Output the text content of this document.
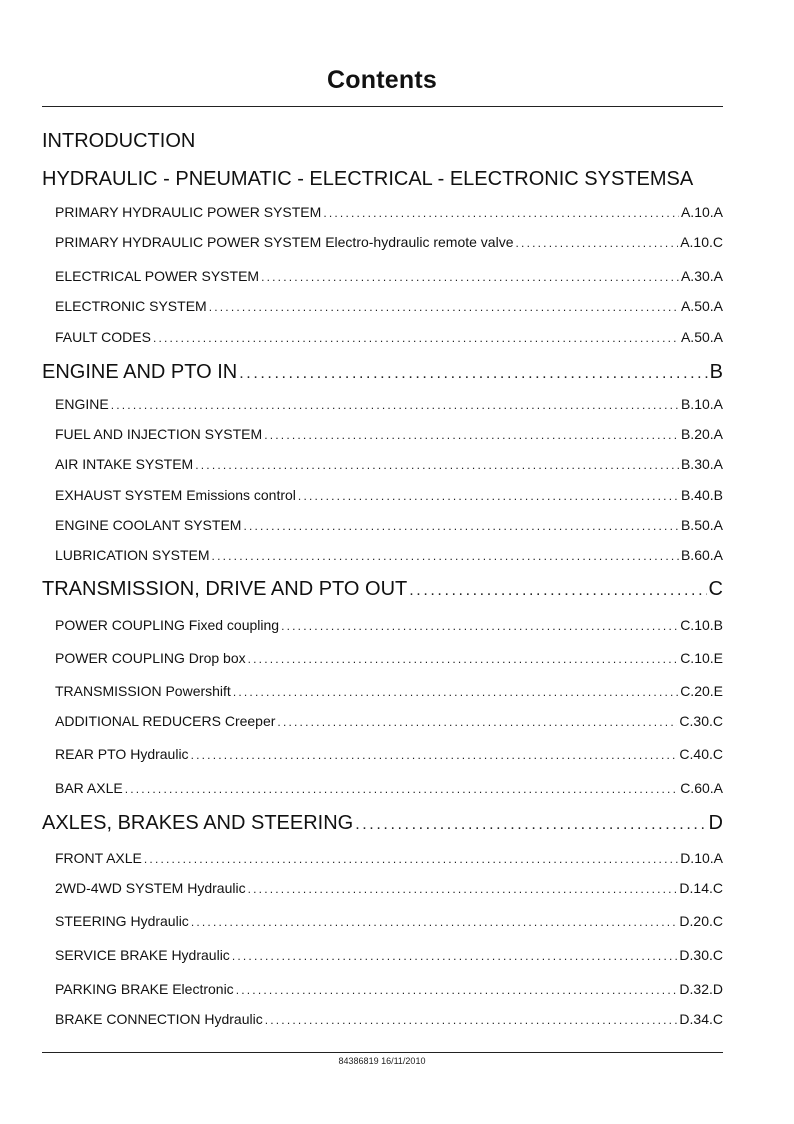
Contents
INTRODUCTION
HYDRAULIC - PNEUMATIC - ELECTRICAL - ELECTRONIC SYSTEMS A
PRIMARY HYDRAULIC POWER SYSTEM .....	A.10.A
PRIMARY HYDRAULIC POWER SYSTEM Electro-hydraulic remote valve .....	A.10.C
ELECTRICAL POWER SYSTEM .....	A.30.A
ELECTRONIC SYSTEM .....	A.50.A
FAULT CODES .....	A.50.A
ENGINE AND PTO IN .....	B
ENGINE .....	B.10.A
FUEL AND INJECTION SYSTEM .....	B.20.A
AIR INTAKE SYSTEM .....	B.30.A
EXHAUST SYSTEM Emissions control .....	B.40.B
ENGINE COOLANT SYSTEM .....	B.50.A
LUBRICATION SYSTEM .....	B.60.A
TRANSMISSION, DRIVE AND PTO OUT .....	C
POWER COUPLING Fixed coupling .....	C.10.B
POWER COUPLING Drop box .....	C.10.E
TRANSMISSION Powershift .....	C.20.E
ADDITIONAL REDUCERS Creeper .....	C.30.C
REAR PTO Hydraulic .....	C.40.C
BAR AXLE .....	C.60.A
AXLES, BRAKES AND STEERING .....	D
FRONT AXLE .....	D.10.A
2WD-4WD SYSTEM Hydraulic .....	D.14.C
STEERING Hydraulic .....	D.20.C
SERVICE BRAKE Hydraulic .....	D.30.C
PARKING BRAKE Electronic .....	D.32.D
BRAKE CONNECTION Hydraulic .....	D.34.C
84386819 16/11/2010
